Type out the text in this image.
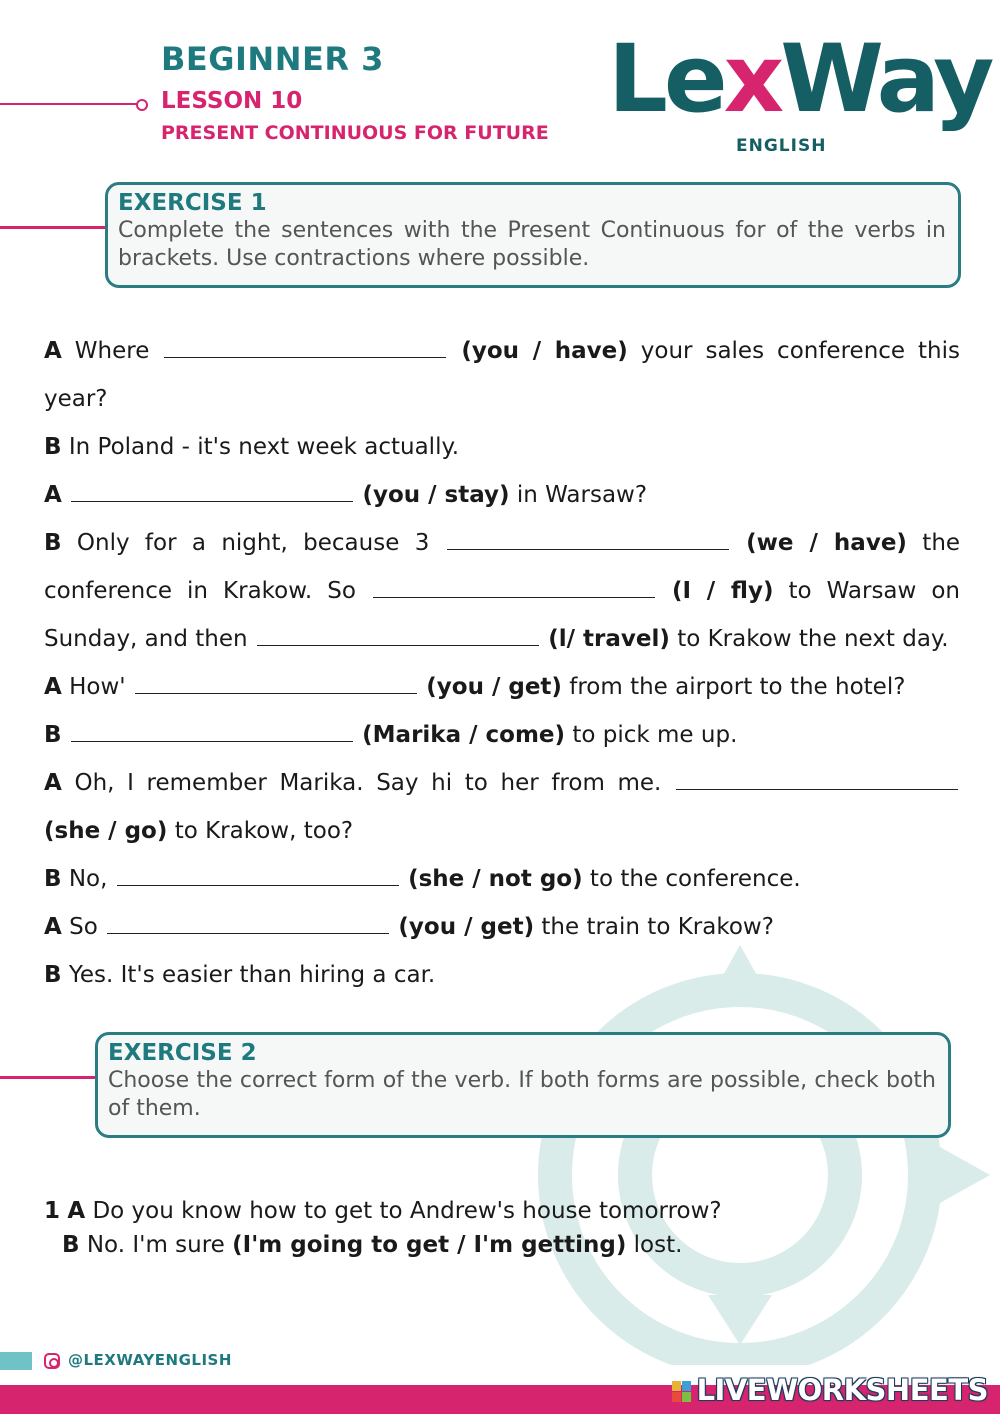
BEGINNER 3
LESSON 10
PRESENT CONTINUOUS FOR FUTURE LexWay
ENGLISH
EXERCISE 1
Complete the sentences with the Present Continuous for of the verbs in brackets. Use contractions where possible.

A Where	(you / have) your sales conference this year?

B In Poland - it's next week actually.

A	(you / stay) in Warsaw?

B Only for a night, because 3	(we / have) the conference in Krakow. So	(I / fly) to Warsaw on Sunday, and then	(l/ travel) to Krakow the next day.

A How'	(you / get) from the airport to the hotel?

B	(Marika / come) to pick me up.

A Oh, I remember Marika. Say hi to her from me.  (she / go) to Krakow, too?

B No,	(she / not go) to the conference.

A So	(you / get) the train to Krakow?

B Yes. It's easier than hiring a car.

EXERCISE 2
Choose the correct form of the verb. If both forms are possible, check both of them.

1 A Do you know how to get to Andrew's house tomorrow?

B No. I'm sure (I'm going to get / I'm getting) lost.

@LEXWAYENGLISH
LIVEWORKSHEETS
